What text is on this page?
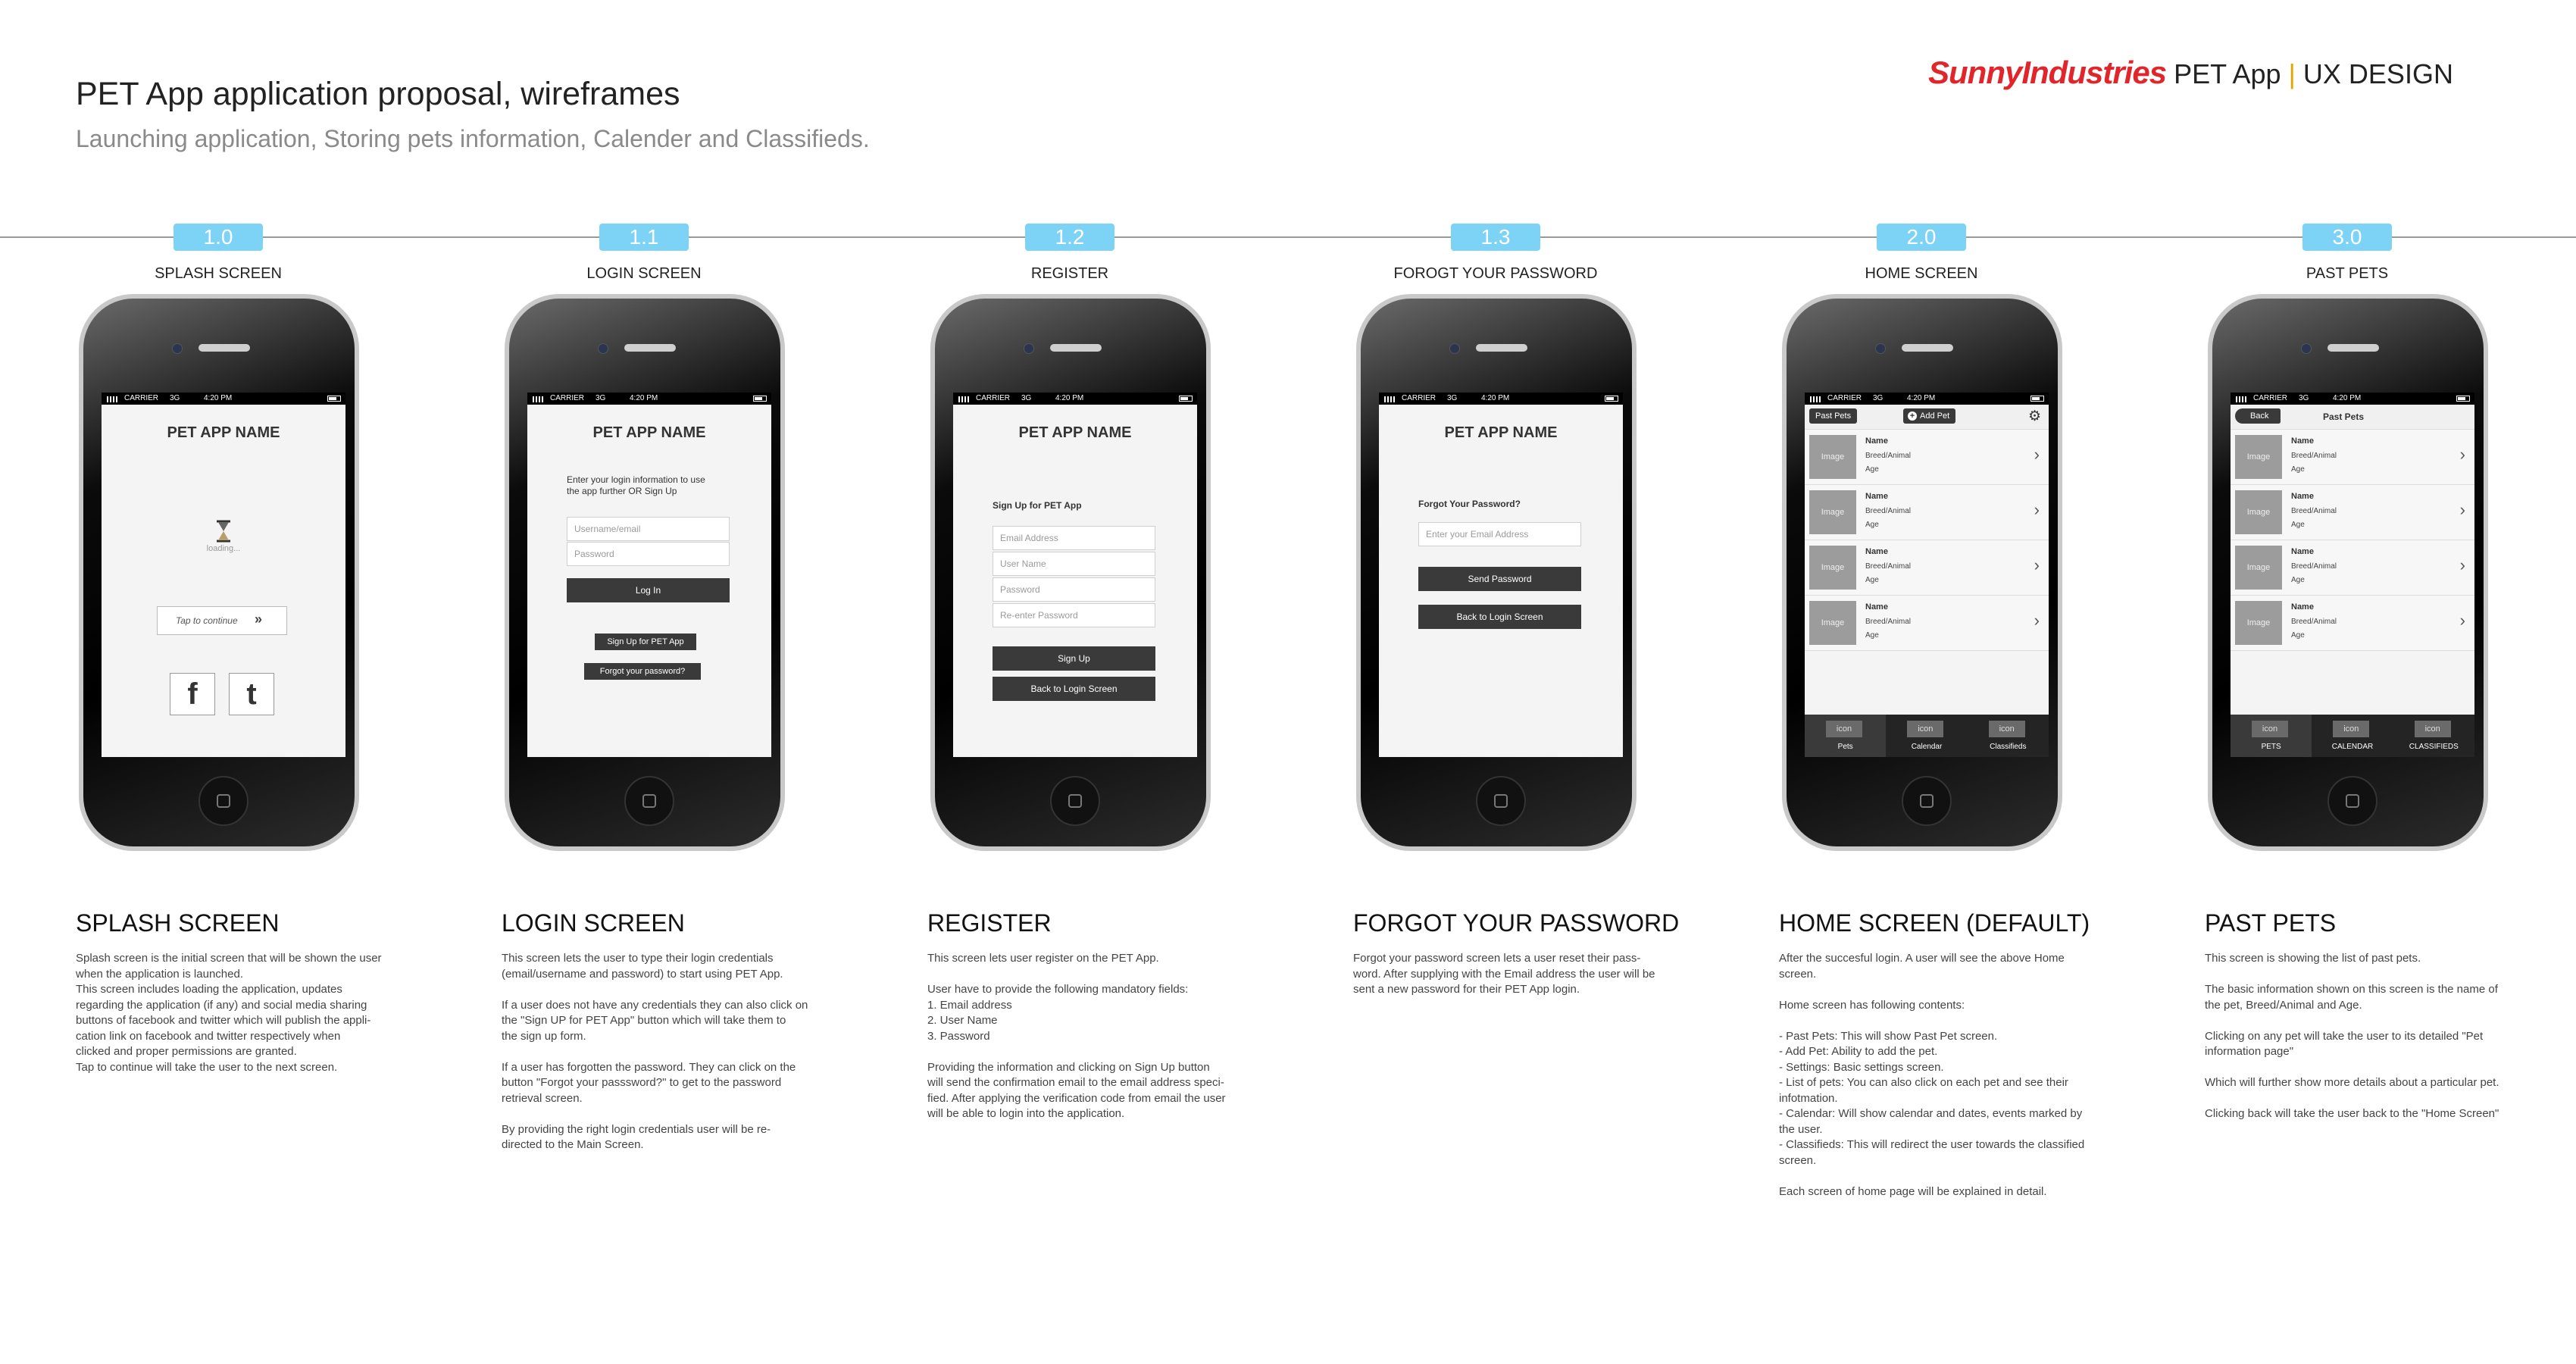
PET App application proposal, wireframes
Launching application, Storing pets information, Calender and Classifieds.
SunnyIndustries PET App | UX DESIGN
1.0
SPLASH SCREEN
CARRIER 3G	4:20 PM
PET APP NAME
loading...
Tap to continue »
f	t
SPLASH SCREEN
Splash screen is the initial screen that will be shown the user
when the application is launched.
This screen includes loading the application, updates
regarding the application (if any) and social media sharing
buttons of facebook and twitter which will publish the appli-
cation link on facebook and twitter respectively when
clicked and proper permissions are granted.
Tap to continue will take the user to the next screen.
1.1
LOGIN SCREEN
CARRIER 3G	4:20 PM
PET APP NAME
Enter your login information to use
the app further OR Sign Up
Username/email
Password
Log In
Sign Up for PET App
Forgot your password?
LOGIN SCREEN
This screen lets the user to type their login credentials
(email/username and password) to start using PET App.

If a user does not have any credentials they can also click on
the "Sign UP for PET App" button which will take them to
the sign up form.

If a user has forgotten the password. They can click on the
button "Forgot your passsword?" to get to the password
retrieval screen.

By providing the right login credentials user will be re-
directed to the Main Screen.
1.2
REGISTER
CARRIER 3G	4:20 PM
PET APP NAME
Sign Up for PET App
Email Address
User Name
Password
Re-enter Password
Sign Up
Back to Login Screen
REGISTER
This screen lets user register on the PET App.

User have to provide the following mandatory fields:
1. Email address
2. User Name
3. Password

Providing the information and clicking on Sign Up button
will send the confirmation email to the email address speci-
fied. After applying the verification code from email the user
will be able to login into the application.
1.3
FOROGT YOUR PASSWORD
CARRIER 3G	4:20 PM
PET APP NAME
Forgot Your Password?
Enter your Email Address
Send Password
Back to Login Screen
FORGOT YOUR PASSWORD
Forgot your password screen lets a user reset their pass-
word. After supplying with the Email address the user will be
sent a new password for their PET App login.
2.0
HOME SCREEN
CARRIER 3G	4:20 PM
Past Pets	+ Add Pet	⚙
Image
Name
Breed/Animal
Age
›
Image
Name
Breed/Animal
Age
›
Image
Name
Breed/Animal
Age
›
Image
Name
Breed/Animal
Age
›
icon
Pets
icon
Calendar
icon
Classifieds
HOME SCREEN (DEFAULT)
After the succesful login. A user will see the above Home
screen.

Home screen has following contents:

- Past Pets: This will show Past Pet screen.
- Add Pet: Ability to add the pet.
- Settings: Basic settings screen.
- List of pets: You can also click on each pet and see their
infotmation.
- Calendar: Will show calendar and dates, events marked by
the user.
- Classifieds: This will redirect the user towards the classified
screen.

Each screen of home page will be explained in detail.
3.0
PAST PETS
CARRIER 3G	4:20 PM
Back	Past Pets
Image
Name
Breed/Animal
Age
›
Image
Name
Breed/Animal
Age
›
Image
Name
Breed/Animal
Age
›
Image
Name
Breed/Animal
Age
›
icon
PETS
icon
CALENDAR
icon
CLASSIFIEDS
PAST PETS
This screen is showing the list of past pets.

The basic information shown on this screen is the name of
the pet, Breed/Animal and Age.

Clicking on any pet will take the user to its detailed "Pet
information page"

Which will further show more details about a particular pet.

Clicking back will take the user back to the "Home Screen"
